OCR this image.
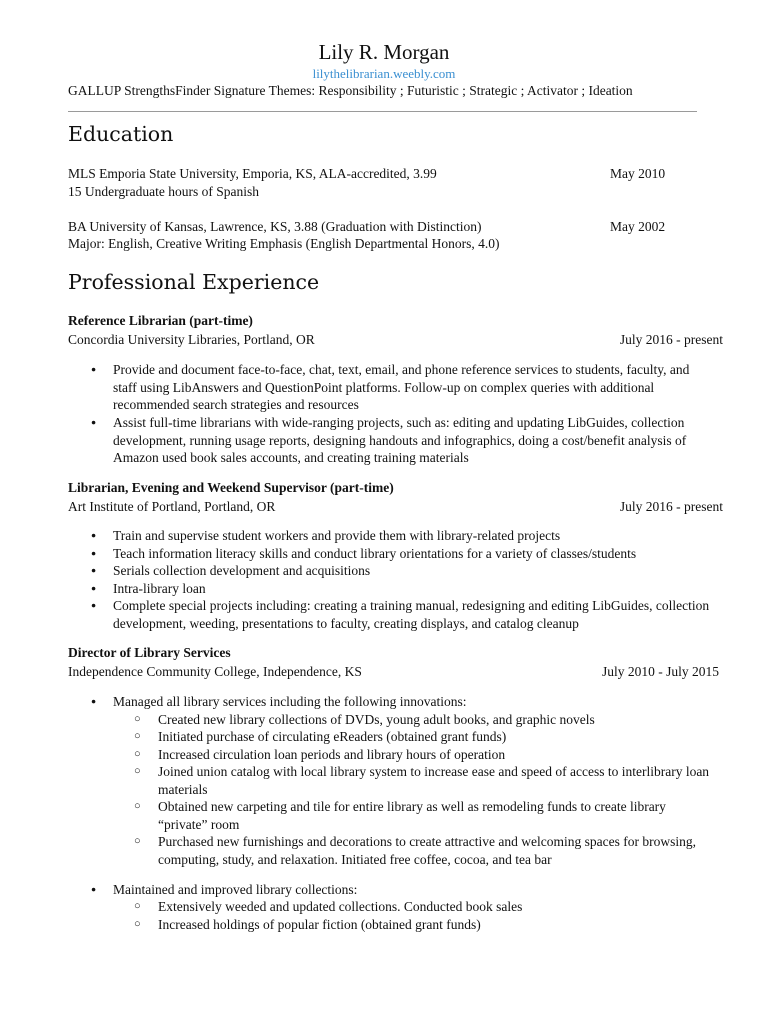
Lily R. Morgan
lilythelibrarian.weebly.com
GALLUP StrengthsFinder Signature Themes: Responsibility ; Futuristic ; Strategic ; Activator ; Ideation
Education
MLS Emporia State University, Emporia, KS, ALA-accredited, 3.99	May 2010
15 Undergraduate hours of Spanish
BA University of Kansas, Lawrence, KS, 3.88 (Graduation with Distinction)	May 2002
Major: English, Creative Writing Emphasis (English Departmental Honors, 4.0)
Professional Experience
Reference Librarian (part-time)
Concordia University Libraries, Portland, OR	July 2016 - present
● Provide and document face-to-face, chat, text, email, and phone reference services to students, faculty, and staff using LibAnswers and QuestionPoint platforms. Follow-up on complex queries with additional recommended search strategies and resources
● Assist full-time librarians with wide-ranging projects, such as: editing and updating LibGuides, collection development, running usage reports, designing handouts and infographics, doing a cost/benefit analysis of Amazon used book sales accounts, and creating training materials
Librarian, Evening and Weekend Supervisor (part-time)
Art Institute of Portland, Portland, OR	July 2016 - present
● Train and supervise student workers and provide them with library-related projects
● Teach information literacy skills and conduct library orientations for a variety of classes/students
● Serials collection development and acquisitions
● Intra-library loan
● Complete special projects including: creating a training manual, redesigning and editing LibGuides, collection development, weeding, presentations to faculty, creating displays, and catalog cleanup
Director of Library Services
Independence Community College, Independence, KS	July 2010 - July 2015
● Managed all library services including the following innovations:
○ Created new library collections of DVDs, young adult books, and graphic novels
○ Initiated purchase of circulating eReaders (obtained grant funds)
○ Increased circulation loan periods and library hours of operation
○ Joined union catalog with local library system to increase ease and speed of access to interlibrary loan materials
○ Obtained new carpeting and tile for entire library as well as remodeling funds to create library “private” room
○ Purchased new furnishings and decorations to create attractive and welcoming spaces for browsing, computing, study, and relaxation. Initiated free coffee, cocoa, and tea bar
● Maintained and improved library collections:
○ Extensively weeded and updated collections. Conducted book sales
○ Increased holdings of popular fiction (obtained grant funds)
